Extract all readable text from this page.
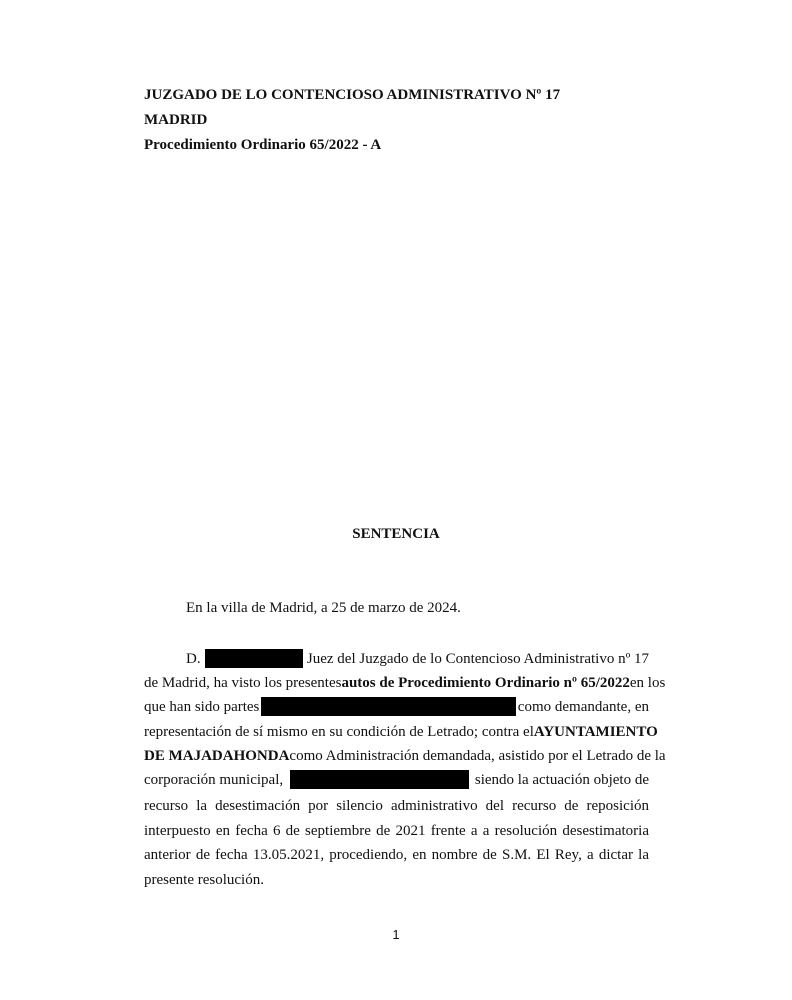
JUZGADO DE LO CONTENCIOSO ADMINISTRATIVO Nº 17
MADRID
Procedimiento Ordinario 65/2022 - A
SENTENCIA
En la villa de Madrid, a 25 de marzo de 2024.
D.	Juez del Juzgado de lo Contencioso Administrativo nº 17
de Madrid, ha visto los presentes autos de Procedimiento Ordinario nº 65/2022 en los
que han sido partes	como demandante, en
representación de sí mismo en su condición de Letrado; contra el AYUNTAMIENTO
DE MAJADAHONDA como Administración demandada, asistido por el Letrado de la
corporación municipal,	siendo la actuación objeto de
recurso la desestimación por silencio administrativo del recurso de reposición
interpuesto en fecha 6 de septiembre de 2021 frente a a resolución desestimatoria
anterior de fecha 13.05.2021, procediendo, en nombre de S.M. El Rey, a dictar la
presente resolución.
1
